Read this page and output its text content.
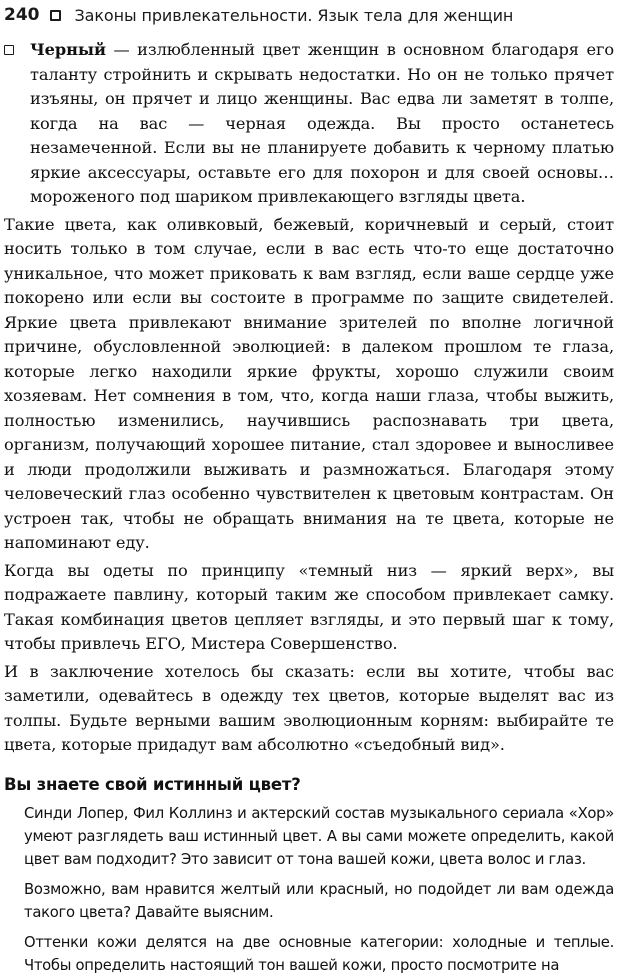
240 Законы привлекательности. Язык тела для женщин

Черный — излюбленный цвет женщин в основном благодаря его таланту стройнить и скрывать недостатки. Но он не только прячет изъяны, он прячет и лицо женщины. Вас едва ли заметят в толпе, когда на вас — черная одежда. Вы просто останетесь незамеченной. Если вы не планируете добавить к черному платью яркие аксессуары, оставьте его для похорон и для своей основы… мороженого под шариком привлекающего взгляды цвета.

Такие цвета, как оливковый, бежевый, коричневый и серый, стоит носить только в том случае, если в вас есть что-то еще достаточно уникальное, что может приковать к вам взгляд, если ваше сердце уже покорено или если вы состоите в программе по защите свидетелей. Яркие цвета привлекают внимание зрителей по вполне логичной причине, обусловленной эволюцией: в далеком прошлом те глаза, которые легко находили яркие фрукты, хорошо служили своим хозяевам. Нет сомнения в том, что, когда наши глаза, чтобы выжить, полностью изменились, научившись распознавать три цвета, организм, получающий хорошее питание, стал здоровее и выносливее и люди продолжили выживать и размножаться. Благодаря этому человеческий глаз особенно чувствителен к цветовым контрастам. Он устроен так, чтобы не обращать внимания на те цвета, которые не напоминают еду.

Когда вы одеты по принципу «темный низ — яркий верх», вы подражаете павлину, который таким же способом привлекает самку. Такая комбинация цветов цепляет взгляды, и это первый шаг к тому, чтобы привлечь ЕГО, Мистера Совершенство.

И в заключение хотелось бы сказать: если вы хотите, чтобы вас заметили, одевайтесь в одежду тех цветов, которые выделят вас из толпы. Будьте верными вашим эволюционным корням: выбирайте те цвета, которые придадут вам абсолютно «съедобный вид».

Вы знаете свой истинный цвет?

Синди Лопер, Фил Коллинз и актерский состав музыкального сериала «Хор» умеют разглядеть ваш истинный цвет. А вы сами можете определить, какой цвет вам подходит? Это зависит от тона вашей кожи, цвета волос и глаз.

Возможно, вам нравится желтый или красный, но подойдет ли вам одежда такого цвета? Давайте выясним.

Оттенки кожи делятся на две основные категории: холодные и теплые. Чтобы определить настоящий тон вашей кожи, просто посмотрите на
